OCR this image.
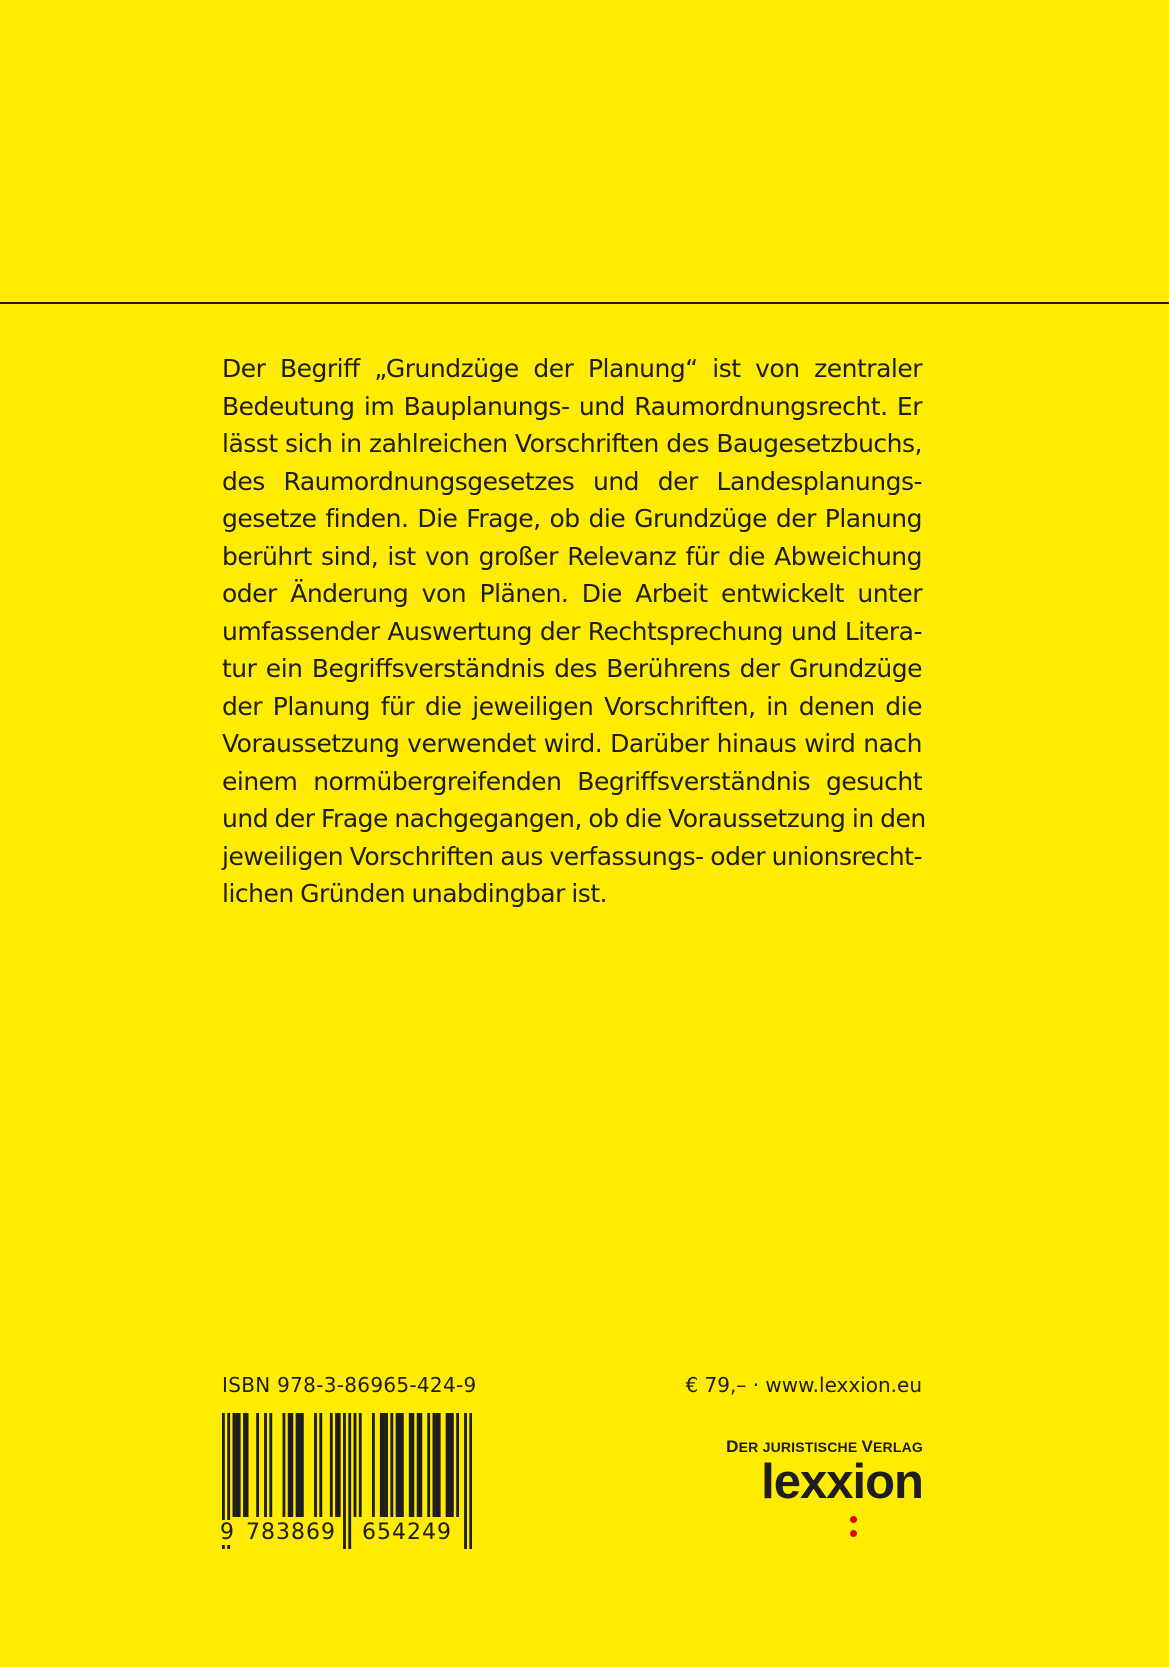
Der Begriff „Grundzüge der Planung“ ist von zentraler
Bedeutung im Bauplanungs- und Raumordnungsrecht. Er
lässt sich in zahlreichen Vorschriften des Baugesetzbuchs,
des Raumordnungsgesetzes und der Landesplanungs-
gesetze finden. Die Frage, ob die Grundzüge der Planung
berührt sind, ist von großer Relevanz für die Abweichung
oder Änderung von Plänen. Die Arbeit entwickelt unter
umfassender Auswertung der Rechtsprechung und Litera-
tur ein Begriffsverständnis des Berührens der Grundzüge
der Planung für die jeweiligen Vorschriften, in denen die
Voraussetzung verwendet wird. Darüber hinaus wird nach
einem normübergreifenden Begriffsverständnis gesucht
und der Frage nachgegangen, ob die Voraussetzung in den
jeweiligen Vorschriften aus verfassungs- oder unionsrecht-
lichen Gründen unabdingbar ist.
ISBN 978-3-86965-424-9	€ 79,– · www.lexxion.eu
9 783869 654249
DER JURISTISCHE VERLAG
lexxion
